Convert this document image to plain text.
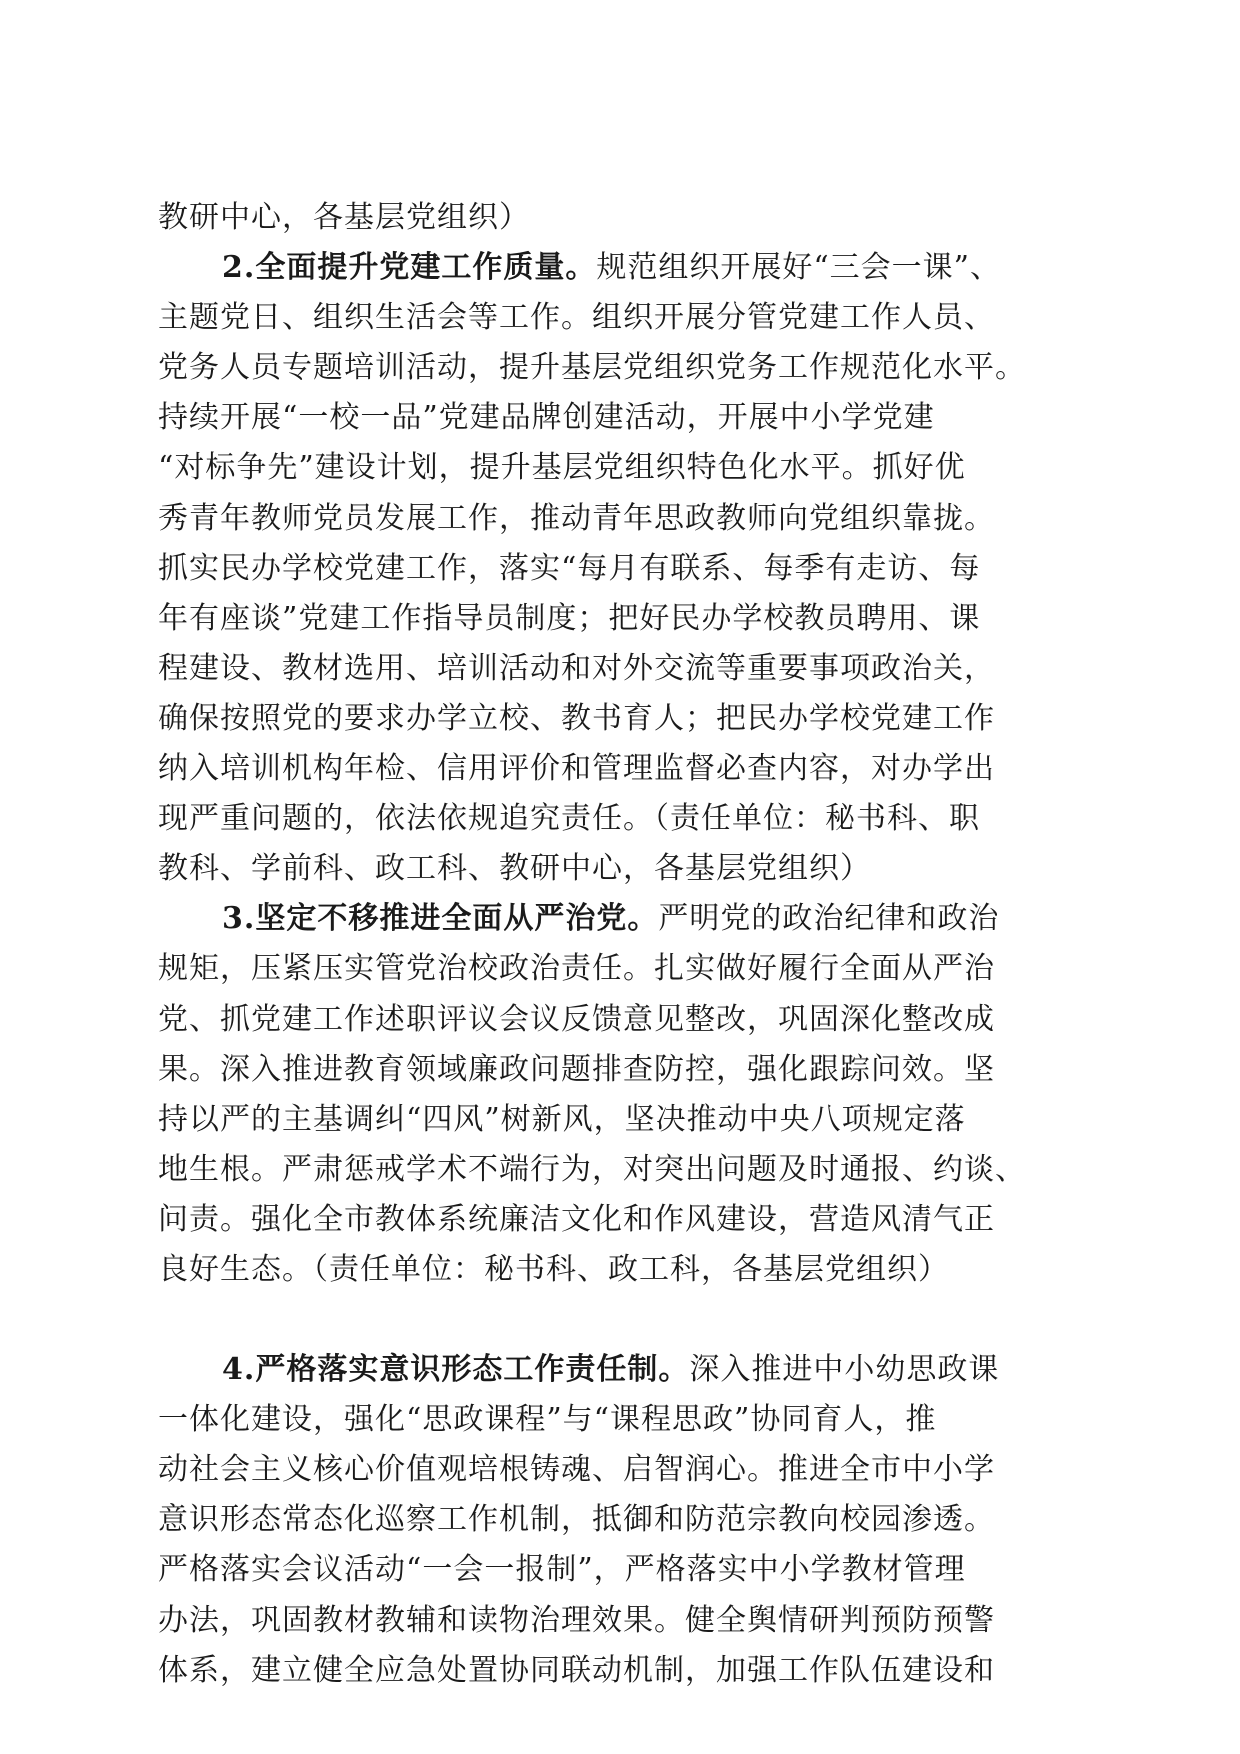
教研中心，各基层党组织）
2.全面提升党建工作质量。规范组织开展好“三会一课”、
主题党日、组织生活会等工作。组织开展分管党建工作人员、
党务人员专题培训活动，提升基层党组织党务工作规范化水平。
持续开展“一校一品”党建品牌创建活动，开展中小学党建
“对标争先”建设计划，提升基层党组织特色化水平。抓好优
秀青年教师党员发展工作，推动青年思政教师向党组织靠拢。
抓实民办学校党建工作，落实“每月有联系、每季有走访、每
年有座谈”党建工作指导员制度；把好民办学校教员聘用、课
程建设、教材选用、培训活动和对外交流等重要事项政治关，
确保按照党的要求办学立校、教书育人；把民办学校党建工作
纳入培训机构年检、信用评价和管理监督必查内容，对办学出
现严重问题的，依法依规追究责任。（责任单位：秘书科、职
教科、学前科、政工科、教研中心，各基层党组织）
3.坚定不移推进全面从严治党。严明党的政治纪律和政治
规矩，压紧压实管党治校政治责任。扎实做好履行全面从严治
党、抓党建工作述职评议会议反馈意见整改，巩固深化整改成
果。深入推进教育领域廉政问题排查防控，强化跟踪问效。坚
持以严的主基调纠“四风”树新风，坚决推动中央八项规定落
地生根。严肃惩戒学术不端行为，对突出问题及时通报、约谈、
问责。强化全市教体系统廉洁文化和作风建设，营造风清气正
良好生态。（责任单位：秘书科、政工科，各基层党组织）
4.严格落实意识形态工作责任制。深入推进中小幼思政课
一体化建设，强化“思政课程”与“课程思政”协同育人，推
动社会主义核心价值观培根铸魂、启智润心。推进全市中小学
意识形态常态化巡察工作机制，抵御和防范宗教向校园渗透。
严格落实会议活动“一会一报制”，严格落实中小学教材管理
办法，巩固教材教辅和读物治理效果。健全舆情研判预防预警
体系，建立健全应急处置协同联动机制，加强工作队伍建设和
